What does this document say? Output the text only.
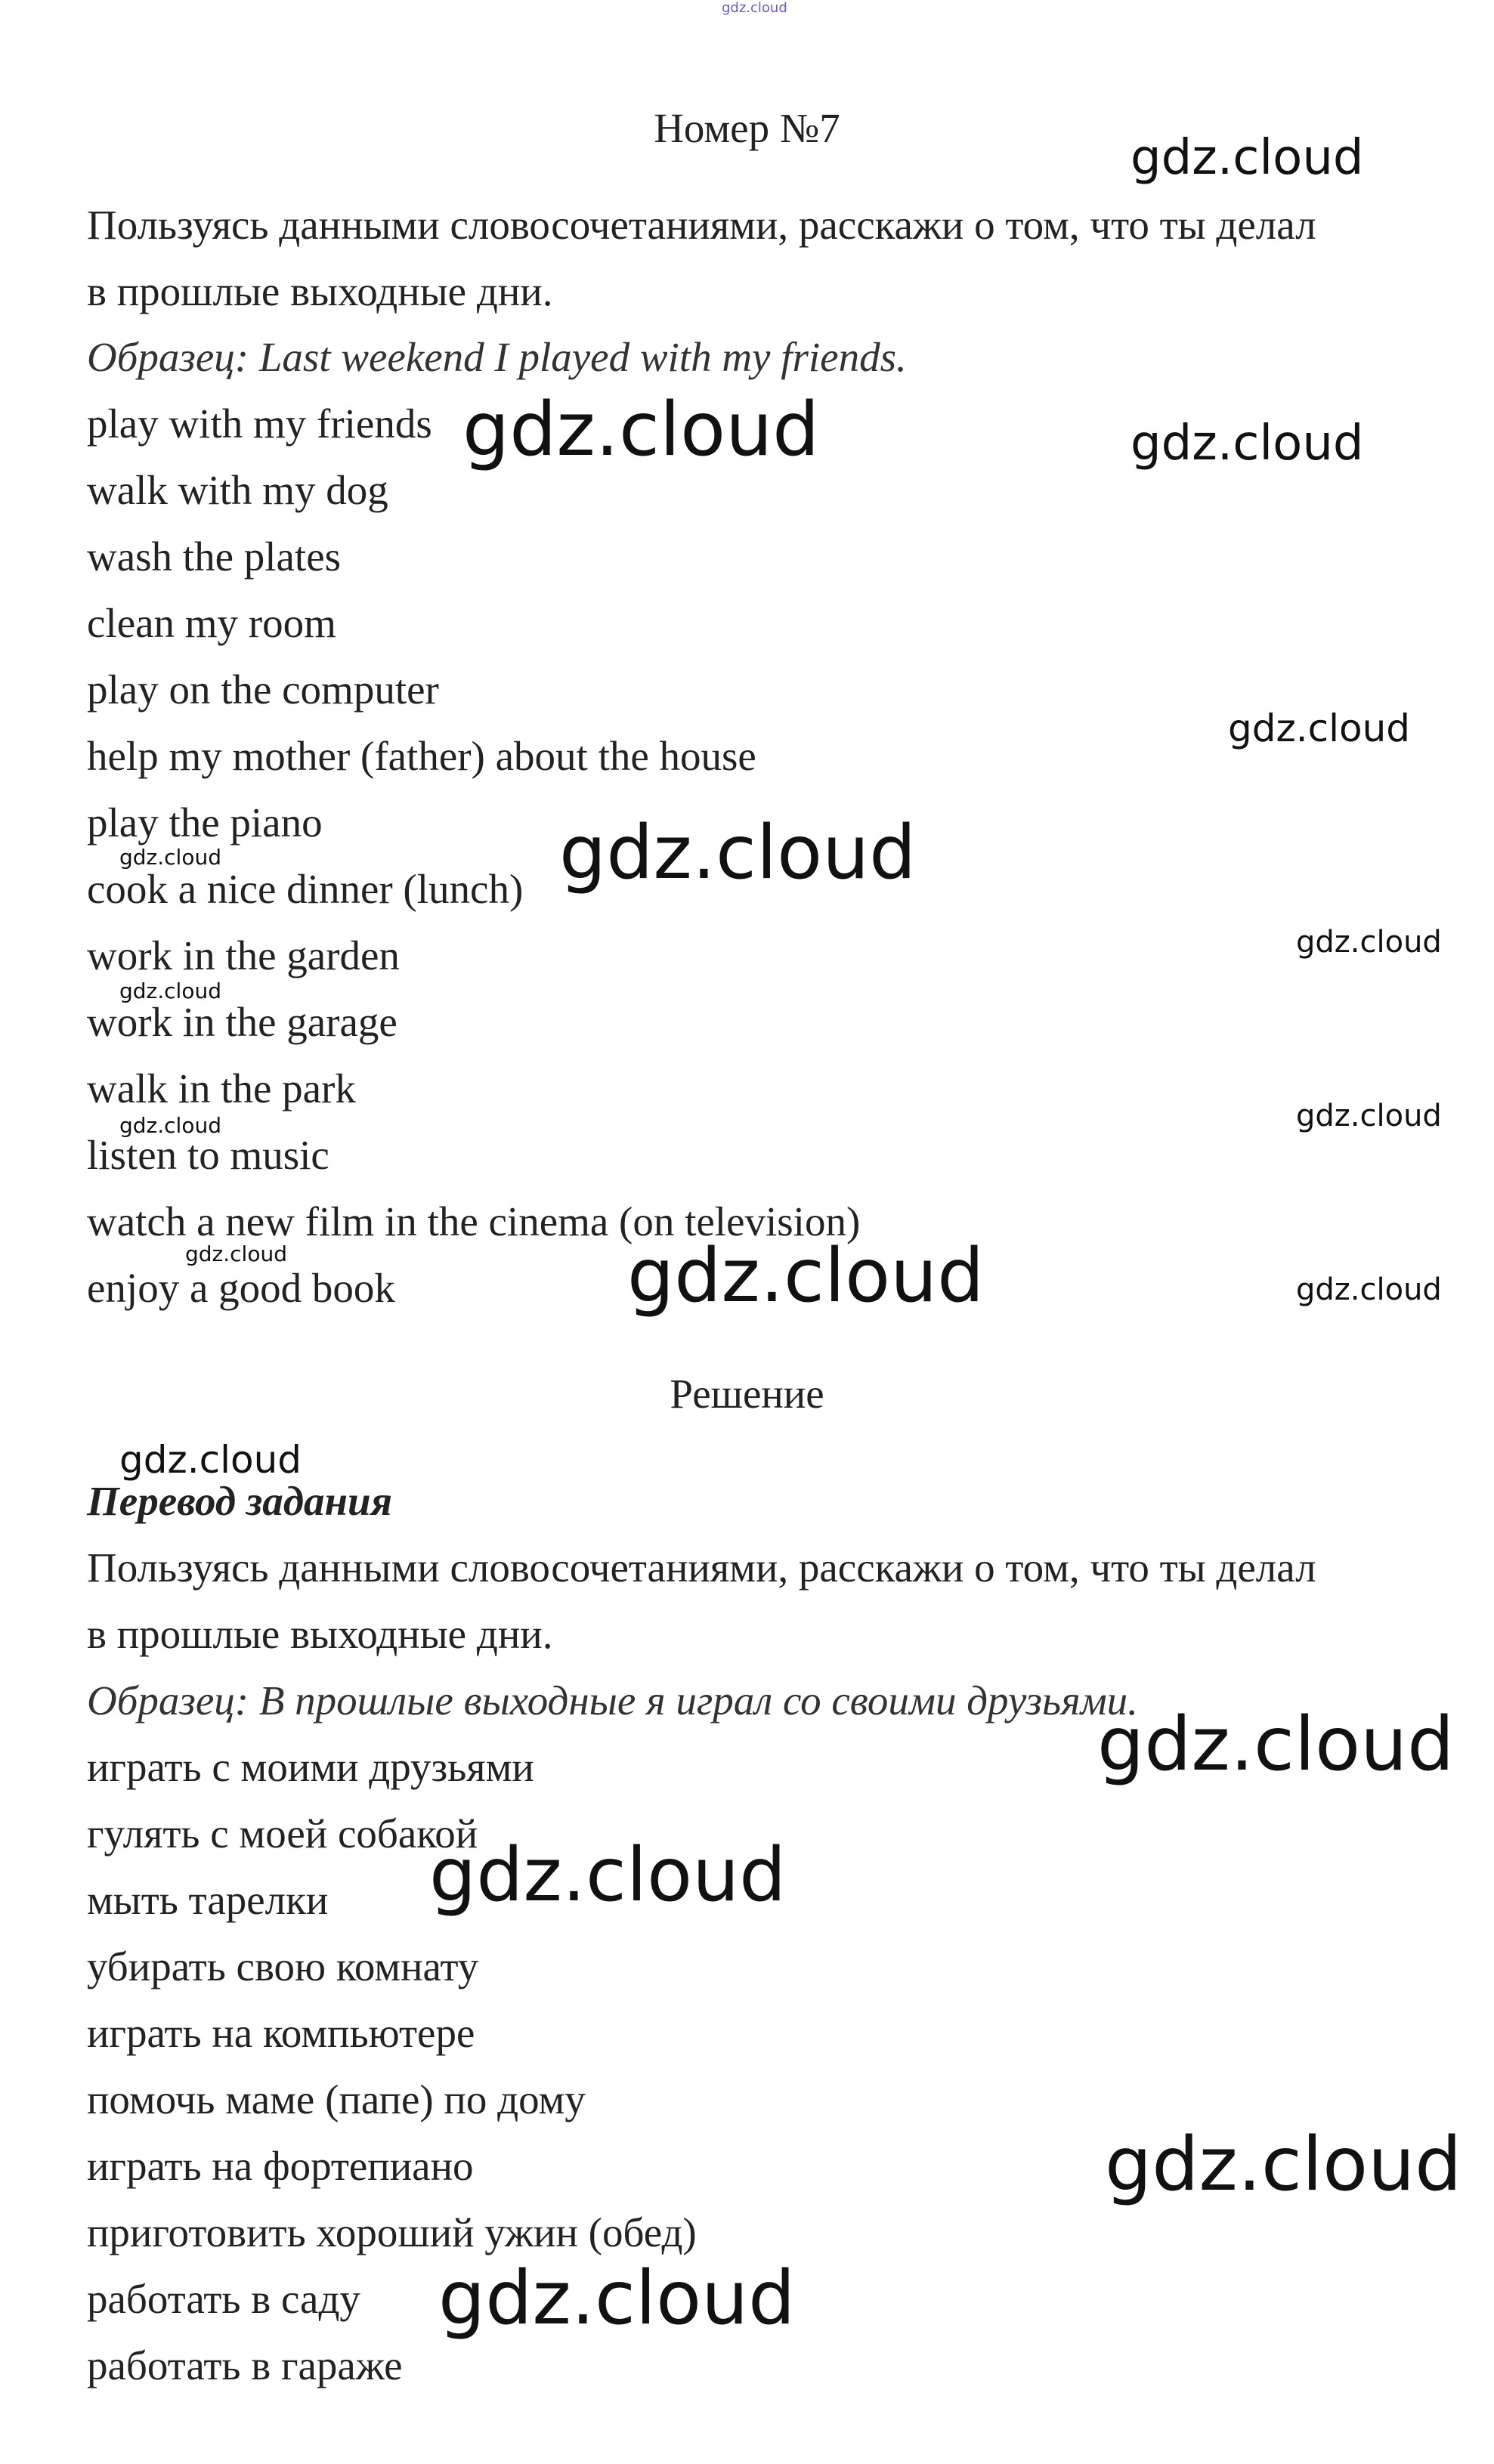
gdz.cloud
Номер №7
Пользуясь данными словосочетаниями, расскажи о том, что ты делал
в прошлые выходные дни.
Образец: Last weekend I played with my friends.
play with my friends
walk with my dog
wash the plates
clean my room
play on the computer
help my mother (father) about the house
play the piano
cook a nice dinner (lunch)
work in the garden
work in the garage
walk in the park
listen to music
watch a new film in the cinema (on television)
enjoy a good book
Решение
Перевод задания
Пользуясь данными словосочетаниями, расскажи о том, что ты делал
в прошлые выходные дни.
Образец: В прошлые выходные я играл со своими друзьями.
играть с моими друзьями
гулять с моей собакой
мыть тарелки
убирать свою комнату
играть на компьютере
помочь маме (папе) по дому
играть на фортепиано
приготовить хороший ужин (обед)
работать в саду
работать в гараже
gdz.cloud
gdz.cloud	gdz.cloud
gdz.cloud
gdz.cloud	gdz.cloud
gdz.cloud
gdz.cloud
gdz.cloud
gdz.cloud
gdz.cloud	gdz.cloud	gdz.cloud
gdz.cloud
gdz.cloud
gdz.cloud
gdz.cloud
gdz.cloud
